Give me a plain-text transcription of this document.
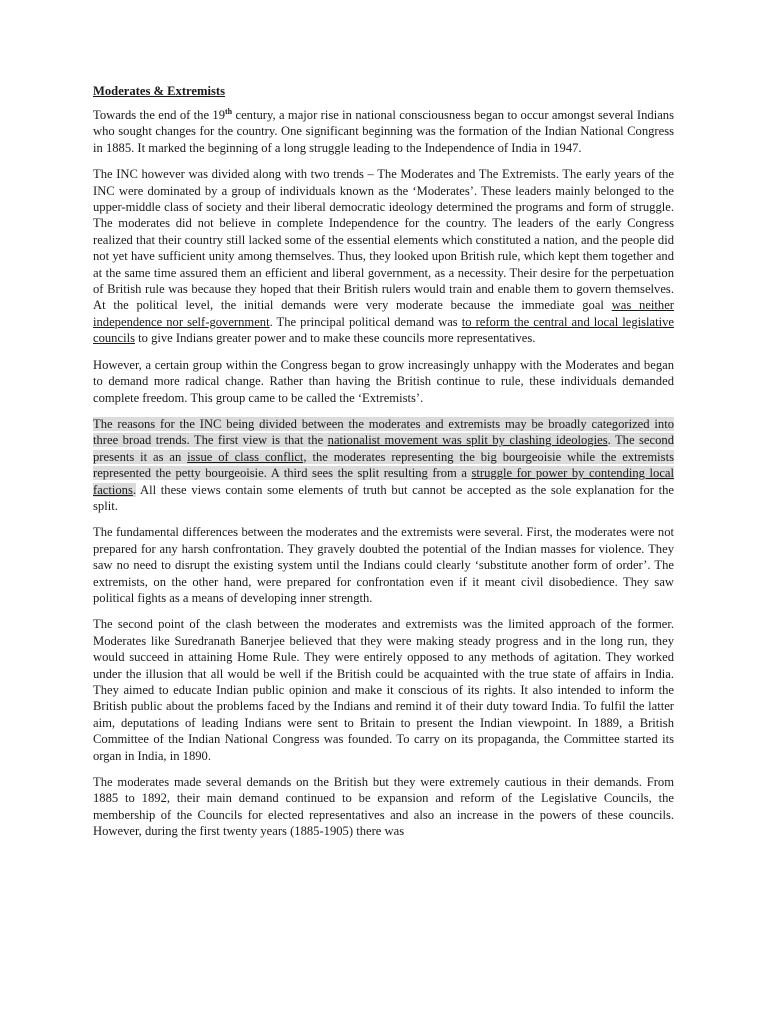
Moderates & Extremists

Towards the end of the 19th century, a major rise in national consciousness began to occur amongst several Indians who sought changes for the country. One significant beginning was the formation of the Indian National Congress in 1885. It marked the beginning of a long struggle leading to the Independence of India in 1947.

The INC however was divided along with two trends – The Moderates and The Extremists. The early years of the INC were dominated by a group of individuals known as the ‘Moderates’. These leaders mainly belonged to the upper-middle class of society and their liberal democratic ideology determined the programs and form of struggle. The moderates did not believe in complete Independence for the country. The leaders of the early Congress realized that their country still lacked some of the essential elements which constituted a nation, and the people did not yet have sufficient unity among themselves. Thus, they looked upon British rule, which kept them together and at the same time assured them an efficient and liberal government, as a necessity. Their desire for the perpetuation of British rule was because they hoped that their British rulers would train and enable them to govern themselves. At the political level, the initial demands were very moderate because the immediate goal was neither independence nor self-government. The principal political demand was to reform the central and local legislative councils to give Indians greater power and to make these councils more representatives.

However, a certain group within the Congress began to grow increasingly unhappy with the Moderates and began to demand more radical change. Rather than having the British continue to rule, these individuals demanded complete freedom. This group came to be called the ‘Extremists’.

The reasons for the INC being divided between the moderates and extremists may be broadly categorized into three broad trends. The first view is that the nationalist movement was split by clashing ideologies. The second presents it as an issue of class conflict, the moderates representing the big bourgeoisie while the extremists represented the petty bourgeoisie. A third sees the split resulting from a struggle for power by contending local factions. All these views contain some elements of truth but cannot be accepted as the sole explanation for the split.

The fundamental differences between the moderates and the extremists were several. First, the moderates were not prepared for any harsh confrontation. They gravely doubted the potential of the Indian masses for violence. They saw no need to disrupt the existing system until the Indians could clearly ‘substitute another form of order’. The extremists, on the other hand, were prepared for confrontation even if it meant civil disobedience. They saw political fights as a means of developing inner strength.

The second point of the clash between the moderates and extremists was the limited approach of the former. Moderates like Suredranath Banerjee believed that they were making steady progress and in the long run, they would succeed in attaining Home Rule. They were entirely opposed to any methods of agitation. They worked under the illusion that all would be well if the British could be acquainted with the true state of affairs in India. They aimed to educate Indian public opinion and make it conscious of its rights. It also intended to inform the British public about the problems faced by the Indians and remind it of their duty toward India. To fulfil the latter aim, deputations of leading Indians were sent to Britain to present the Indian viewpoint. In 1889, a British Committee of the Indian National Congress was founded. To carry on its propaganda, the Committee started its organ in India, in 1890.

The moderates made several demands on the British but they were extremely cautious in their demands. From 1885 to 1892, their main demand continued to be expansion and reform of the Legislative Councils, the membership of the Councils for elected representatives and also an increase in the powers of these councils. However, during the first twenty years (1885-1905) there was
